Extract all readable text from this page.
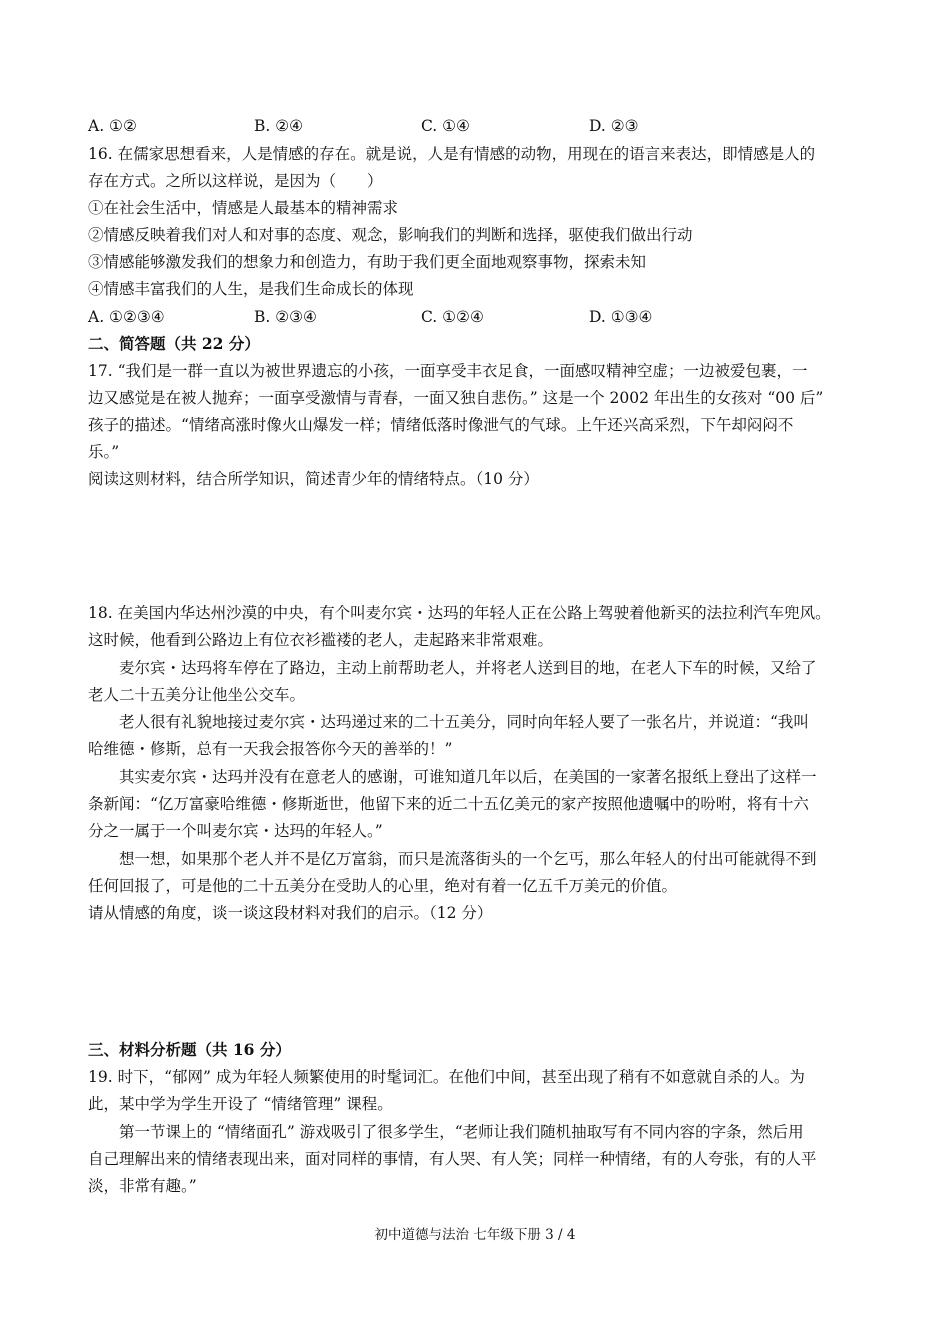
A. ①②	B. ②④	C. ①④	D. ②③
16. 在儒家思想看来，人是情感的存在。就是说，人是有情感的动物，用现在的语言来表达，即情感是人的
存在方式。之所以这样说，是因为（　　）
①在社会生活中，情感是人最基本的精神需求
②情感反映着我们对人和对事的态度、观念，影响我们的判断和选择，驱使我们做出行动
③情感能够激发我们的想象力和创造力，有助于我们更全面地观察事物，探索未知
④情感丰富我们的人生，是我们生命成长的体现
A. ①②③④	B. ②③④	C. ①②④	D. ①③④
二、简答题（共 22 分）
17. “我们是一群一直以为被世界遗忘的小孩，一面享受丰衣足食，一面感叹精神空虚；一边被爱包裹，一
边又感觉是在被人抛弃；一面享受激情与青春，一面又独自悲伤。” 这是一个 2002 年出生的女孩对 “00 后”
孩子的描述。“情绪高涨时像火山爆发一样；情绪低落时像泄气的气球。上午还兴高采烈，下午却闷闷不
乐。”
阅读这则材料，结合所学知识，简述青少年的情绪特点。（10 分）
18. 在美国内华达州沙漠的中央，有个叫麦尔宾・达玛的年轻人正在公路上驾驶着他新买的法拉利汽车兜风。
这时候，他看到公路边上有位衣衫褴褛的老人，走起路来非常艰难。
麦尔宾・达玛将车停在了路边，主动上前帮助老人，并将老人送到目的地，在老人下车的时候，又给了
老人二十五美分让他坐公交车。
老人很有礼貌地接过麦尔宾・达玛递过来的二十五美分，同时向年轻人要了一张名片，并说道：“我叫
哈维德・修斯，总有一天我会报答你今天的善举的！”
其实麦尔宾・达玛并没有在意老人的感谢，可谁知道几年以后，在美国的一家著名报纸上登出了这样一
条新闻：“亿万富豪哈维德・修斯逝世，他留下来的近二十五亿美元的家产按照他遗嘱中的吩咐，将有十六
分之一属于一个叫麦尔宾・达玛的年轻人。”
想一想，如果那个老人并不是亿万富翁，而只是流落街头的一个乞丐，那么年轻人的付出可能就得不到
任何回报了，可是他的二十五美分在受助人的心里，绝对有着一亿五千万美元的价值。
请从情感的角度，谈一谈这段材料对我们的启示。（12 分）
三、材料分析题（共 16 分）
19. 时下，“郁网” 成为年轻人频繁使用的时髦词汇。在他们中间，甚至出现了稍有不如意就自杀的人。为
此，某中学为学生开设了 “情绪管理” 课程。
第一节课上的 “情绪面孔” 游戏吸引了很多学生，“老师让我们随机抽取写有不同内容的字条，然后用
自己理解出来的情绪表现出来，面对同样的事情，有人哭、有人笑；同样一种情绪，有的人夸张，有的人平
淡，非常有趣。”
初中道德与法治 七年级下册 3 / 4
